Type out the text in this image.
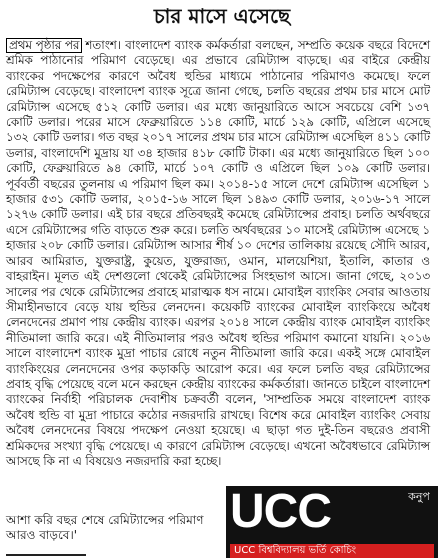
চার মাসে এসেছে

প্রথম পৃষ্ঠার পর শতাংশ। বাংলাদেশ ব্যাংক কর্মকর্তারা বলছেন, সম্প্রতি কয়েক বছরে বিদেশে শ্রমিক পাঠানোর পরিমাণ বেড়েছে। এর প্রভাবে রেমিট্যান্স বাড়ছে। এর বাইরে কেন্দ্রীয় ব্যাংকের পদক্ষেপের কারণে অবৈধ হুন্ডির মাধ্যমে পাঠানোর পরিমাণও কমেছে। ফলে রেমিট্যান্স বেড়েছে। বাংলাদেশ ব্যাংক সূত্রে জানা গেছে, চলতি বছরের প্রথম চার মাসে মোট রেমিট্যান্স এসেছে ৫১২ কোটি ডলার। এর মধ্যে জানুয়ারিতে আসে সবচেয়ে বেশি ১৩৭ কোটি ডলার। পরের মাসে ফেব্রুয়ারিতে ১১৪ কোটি, মার্চে ১২৯ কোটি, এপ্রিলে এসেছে ১৩২ কোটি ডলার। গত বছর ২০১৭ সালের প্রথম চার মাসে রেমিট্যান্স এসেছিল ৪১১ কোটি ডলার, বাংলাদেশি মুদ্রায় যা ৩৪ হাজার ৪১৮ কোটি টাকা। এর মধ্যে জানুয়ারিতে ছিল ১০০ কোটি, ফেব্রুয়ারিতে ৯৪ কোটি, মার্চে ১০৭ কোটি ও এপ্রিলে ছিল ১০৯ কোটি ডলার। পূর্ববর্তী বছরের তুলনায় এ পরিমাণ ছিল কম। ২০১৪-১৫ সালে দেশে রেমিট্যান্স এসেছিল ১ হাজার ৫৩১ কোটি ডলার, ২০১৫-১৬ সালে ছিল ১৪৯৩ কোটি ডলার, ২০১৬-১৭ সালে ১২৭৬ কোটি ডলার। এই চার বছরে প্রতিবছরই কমেছে রেমিট্যান্সের প্রবাহ। চলতি অর্থবছরে এসে রেমিট্যান্সের গতি বাড়তে শুরু করে। চলতি অর্থবছরের ১০ মাসেই রেমিট্যান্স এসেছে ১ হাজার ২০৮ কোটি ডলার। রেমিট্যান্স আসার শীর্ষ ১০ দেশের তালিকায় রয়েছে সৌদি আরব, আরব আমিরাত, যুক্তরাষ্ট্র, কুয়েত, যুক্তরাজ্য, ওমান, মালয়েশিয়া, ইতালি, কাতার ও বাহরাইন। মূলত এই দেশগুলো থেকেই রেমিট্যান্সের সিংহভাগ আসে। জানা গেছে, ২০১৩ সালের পর থেকে রেমিট্যান্সের প্রবাহে মারাত্মক ধস নামে। মোবাইল ব্যাংকিং সেবার আওতায় সীমাহীনভাবে বেড়ে যায় হুন্ডির লেনদেন। কয়েকটি ব্যাংকের মোবাইল ব্যাংকিংয়ে অবৈধ লেনদেনের প্রমাণ পায় কেন্দ্রীয় ব্যাংক। এরপর ২০১৪ সালে কেন্দ্রীয় ব্যাংক মোবাইল ব্যাংকিং নীতিমালা জারি করে। এই নীতিমালার পরও অবৈধ হুন্ডির পরিমাণ কমানো যায়নি। ২০১৬ সালে বাংলাদেশ ব্যাংক মুদ্রা পাচার রোধে নতুন নীতিমালা জারি করে। একই সঙ্গে মোবাইল ব্যাংকিংয়ের লেনদেনের ওপর কড়াকড়ি আরোপ করে। এর ফলে চলতি বছর রেমিট্যান্সের প্রবাহ বৃদ্ধি পেয়েছে বলে মনে করছেন কেন্দ্রীয় ব্যাংকের কর্মকর্তারা। জানতে চাইলে বাংলাদেশ ব্যাংকের নির্বাহী পরিচালক দেবাশীষ চক্রবর্তী বলেন, 'সাম্প্রতিক সময়ে বাংলাদেশ ব্যাংক অবৈধ হুন্ডি বা মুদ্রা পাচারে কঠোর নজরদারি রাখছে। বিশেষ করে মোবাইল ব্যাংকিং সেবায় অবৈধ লেনদেনের বিষয়ে পদক্ষেপ নেওয়া হয়েছে। এ ছাড়া গত দুই-তিন বছরেও প্রবাসী শ্রমিকদের সংখ্যা বৃদ্ধি পেয়েছে। এ কারণে রেমিট্যান্স বেড়েছে। এখনো অবৈধভাবে রেমিট্যান্স আসছে কি না এ বিষয়েও নজরদারি করা হচ্ছে।

আশা করি বছর শেষে রেমিট্যান্সের পরিমাণ আরও বাড়বে।'	UCC	কনুপ
UCC বিশ্ববিদ্যালয় ভর্তি কোচিং
